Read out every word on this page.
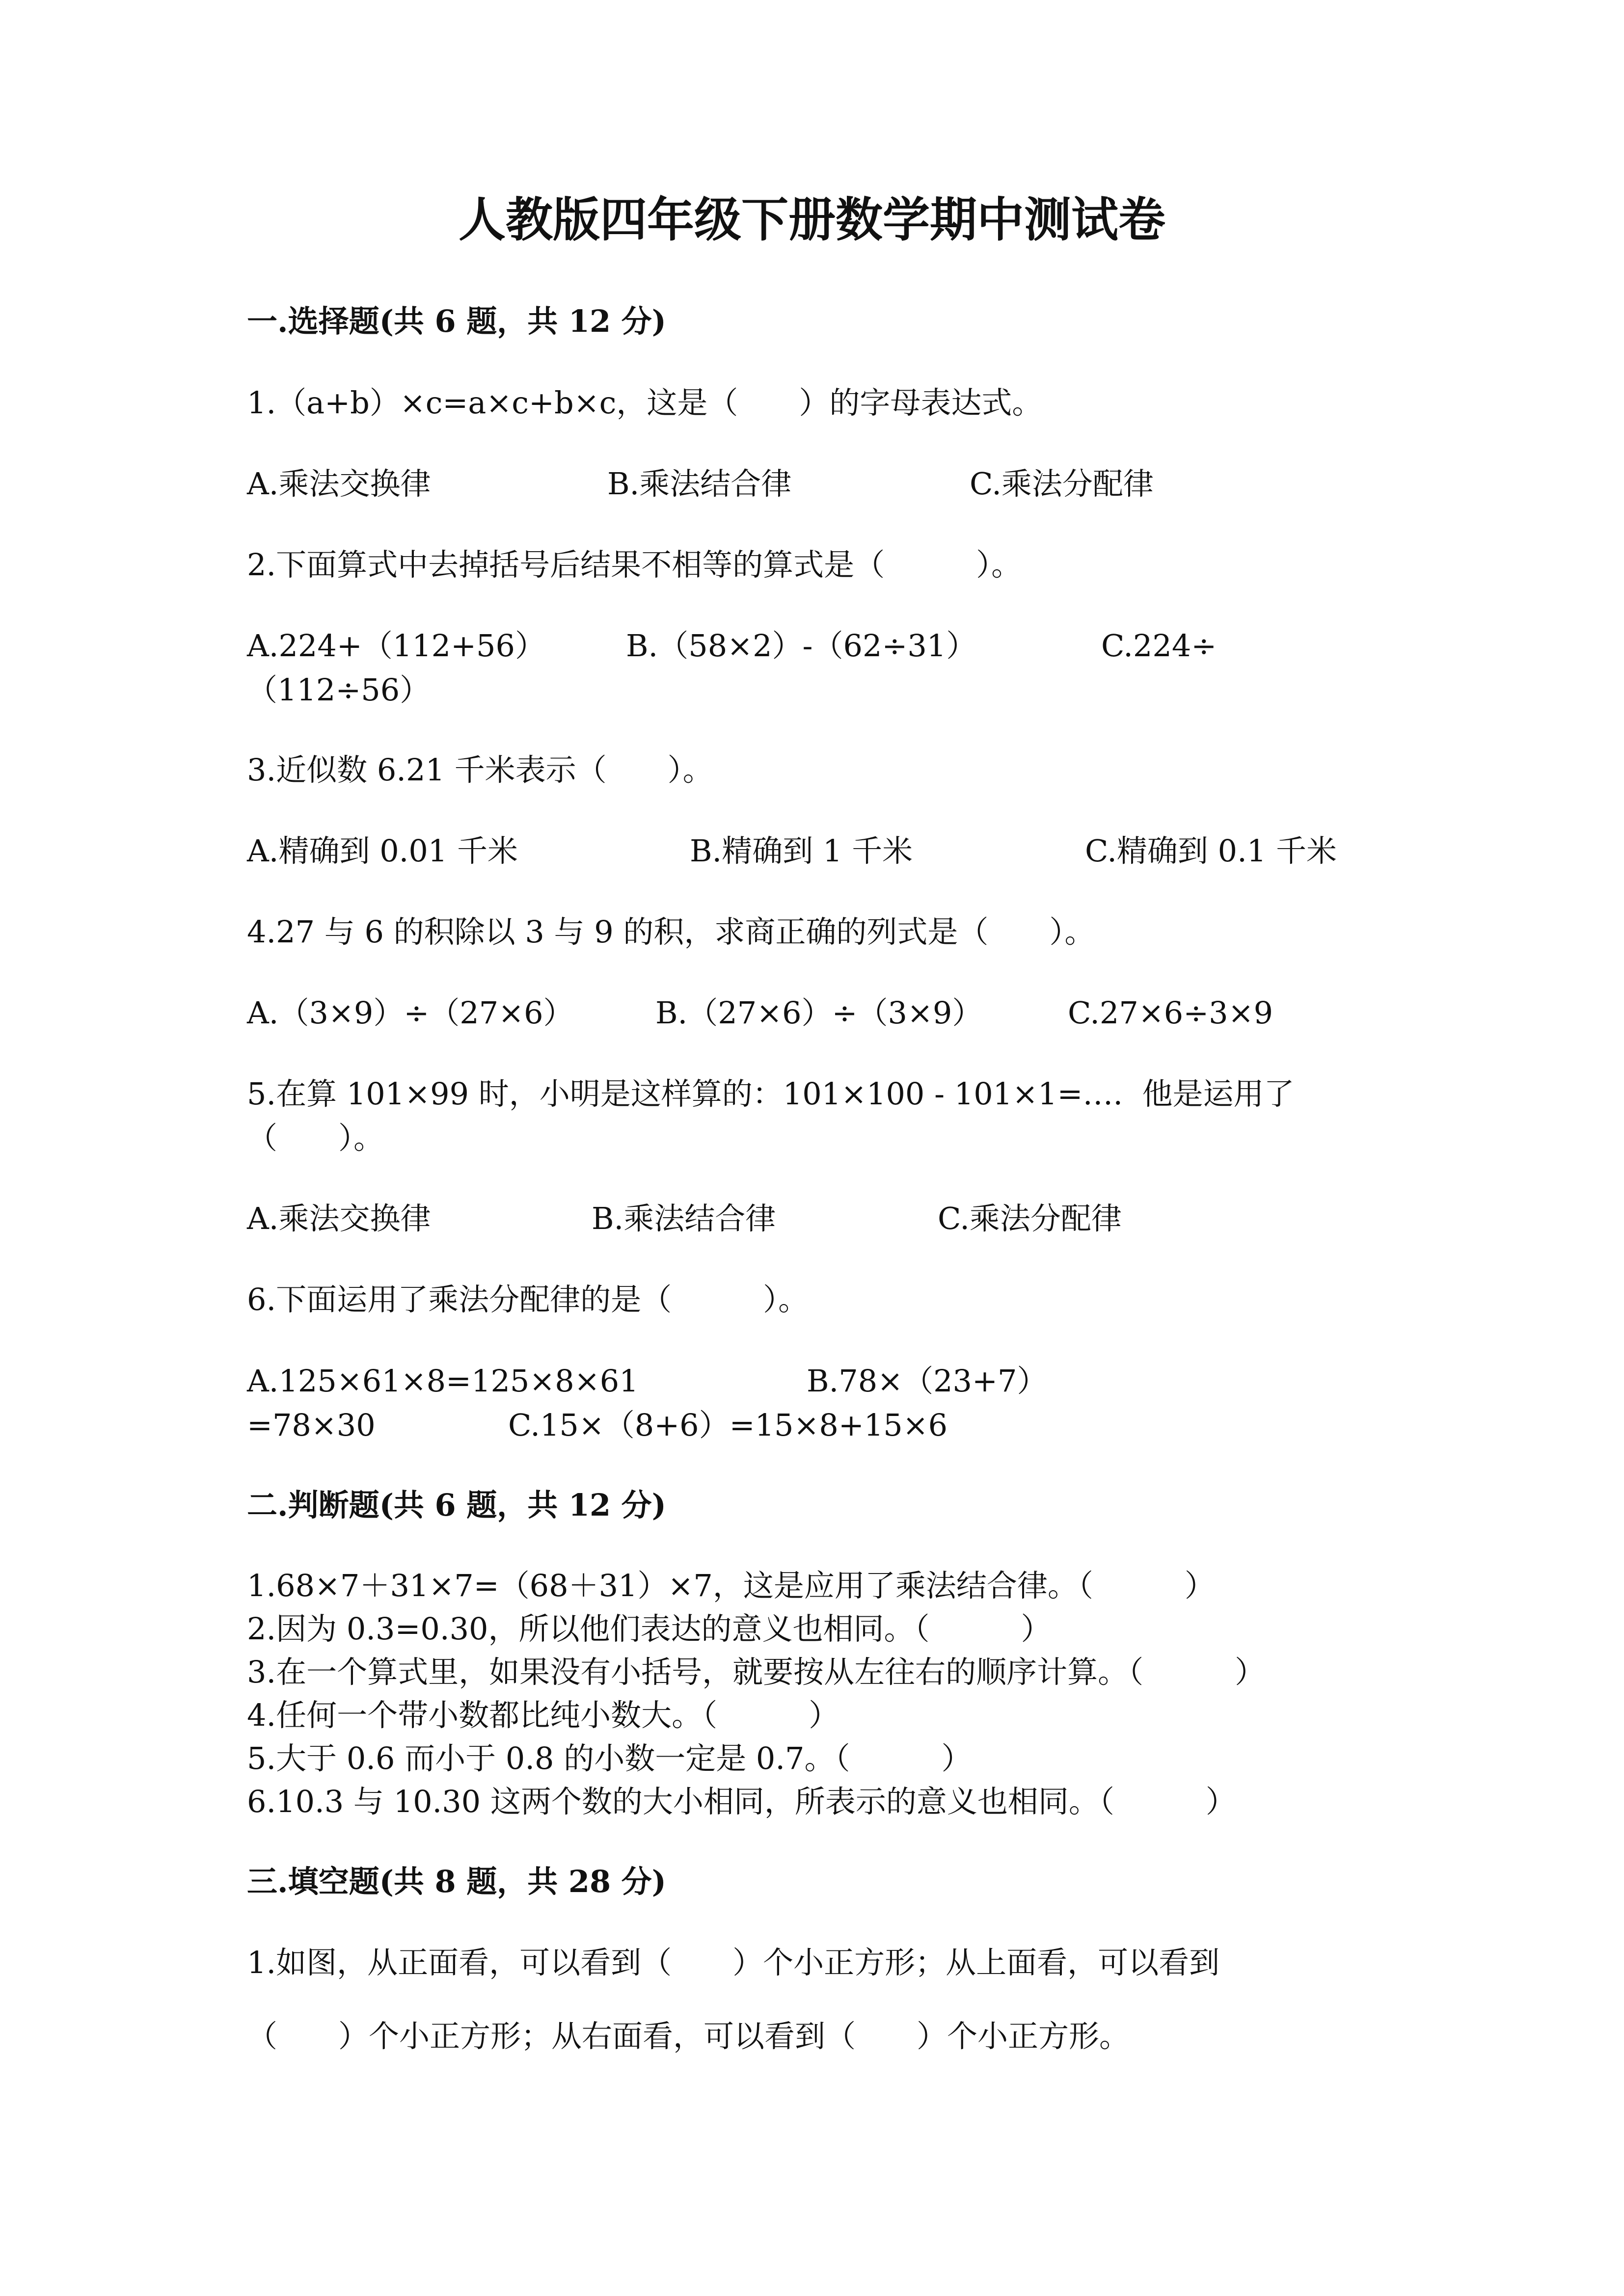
人教版四年级下册数学期中测试卷
一.选择题(共 6 题，共 12 分)
1.（a+b）×c=a×c+b×c，这是（　　）的字母表达式。
A.乘法交换律	B.乘法结合律	C.乘法分配律
2.下面算式中去掉括号后结果不相等的算式是（　　　）。
A.224+（112+56）	B.（58×2）-（62÷31）	C.224÷
（112÷56）
3.近似数 6.21 千米表示（　　）。
A.精确到 0.01 千米	B.精确到 1 千米	C.精确到 0.1 千米
4.27 与 6 的积除以 3 与 9 的积，求商正确的列式是（　　）。
A.（3×9）÷（27×6）	B.（27×6）÷（3×9）	C.27×6÷3×9
5.在算 101×99 时，小明是这样算的：101×100 - 101×1=….  他是运用了
（　　）。
A.乘法交换律	B.乘法结合律	C.乘法分配律
6.下面运用了乘法分配律的是（　　　）。
A.125×61×8=125×8×61	B.78×（23+7）
=78×30	C.15×（8+6）=15×8+15×6
二.判断题(共 6 题，共 12 分)
1.68×7＋31×7=（68＋31）×7，这是应用了乘法结合律。（　　　）
2.因为 0.3=0.30，所以他们表达的意义也相同。（　　　）
3.在一个算式里，如果没有小括号，就要按从左往右的顺序计算。（　　　）
4.任何一个带小数都比纯小数大。（　　　）
5.大于 0.6 而小于 0.8 的小数一定是 0.7。（　　　）
6.10.3 与 10.30 这两个数的大小相同，所表示的意义也相同。（　　　）
三.填空题(共 8 题，共 28 分)
1.如图，从正面看，可以看到（　　）个小正方形；从上面看，可以看到
（　　）个小正方形；从右面看，可以看到（　　）个小正方形。
